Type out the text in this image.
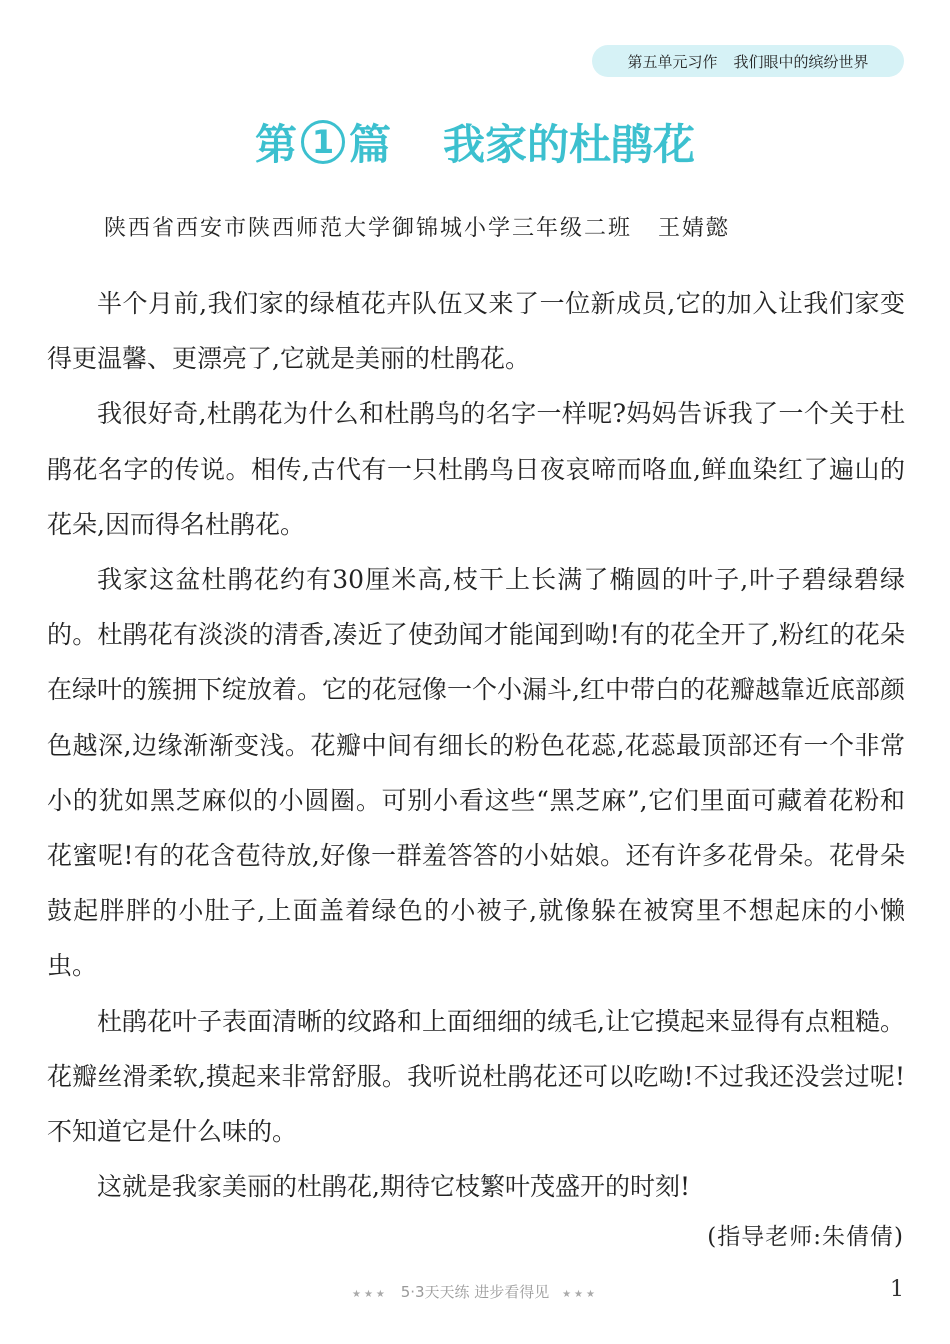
第五单元习作 我们眼中的缤纷世界
第 1 篇 我家的杜鹃花
陕西省西安市陕西师范大学御锦城小学三年级二班 王婧懿

半个月前,我们家的绿植花卉队伍又来了一位新成员,它的加入让我们家变得更温馨、更漂亮了,它就是美丽的杜鹃花。

我很好奇,杜鹃花为什么和杜鹃鸟的名字一样呢?妈妈告诉我了一个关于杜鹃花名字的传说。相传,古代有一只杜鹃鸟日夜哀啼而咯血,鲜血染红了遍山的花朵,因而得名杜鹃花。

我家这盆杜鹃花约有30厘米高,枝干上长满了椭圆的叶子,叶子碧绿碧绿的。杜鹃花有淡淡的清香,凑近了使劲闻才能闻到呦!有的花全开了,粉红的花朵在绿叶的簇拥下绽放着。它的花冠像一个小漏斗,红中带白的花瓣越靠近底部颜色越深,边缘渐渐变浅。花瓣中间有细长的粉色花蕊,花蕊最顶部还有一个非常小的犹如黑芝麻似的小圆圈。可别小看这些“黑芝麻”,它们里面可藏着花粉和花蜜呢!有的花含苞待放,好像一群羞答答的小姑娘。还有许多花骨朵。花骨朵鼓起胖胖的小肚子,上面盖着绿色的小被子,就像躲在被窝里不想起床的小懒虫。

杜鹃花叶子表面清晰的纹路和上面细细的绒毛,让它摸起来显得有点粗糙。花瓣丝滑柔软,摸起来非常舒服。我听说杜鹃花还可以吃呦!不过我还没尝过呢!不知道它是什么味的。

这就是我家美丽的杜鹃花,期待它枝繁叶茂盛开的时刻!

(指导老师:朱倩倩)
★★★ 5·3天天练 进步看得见 ★★★	1
